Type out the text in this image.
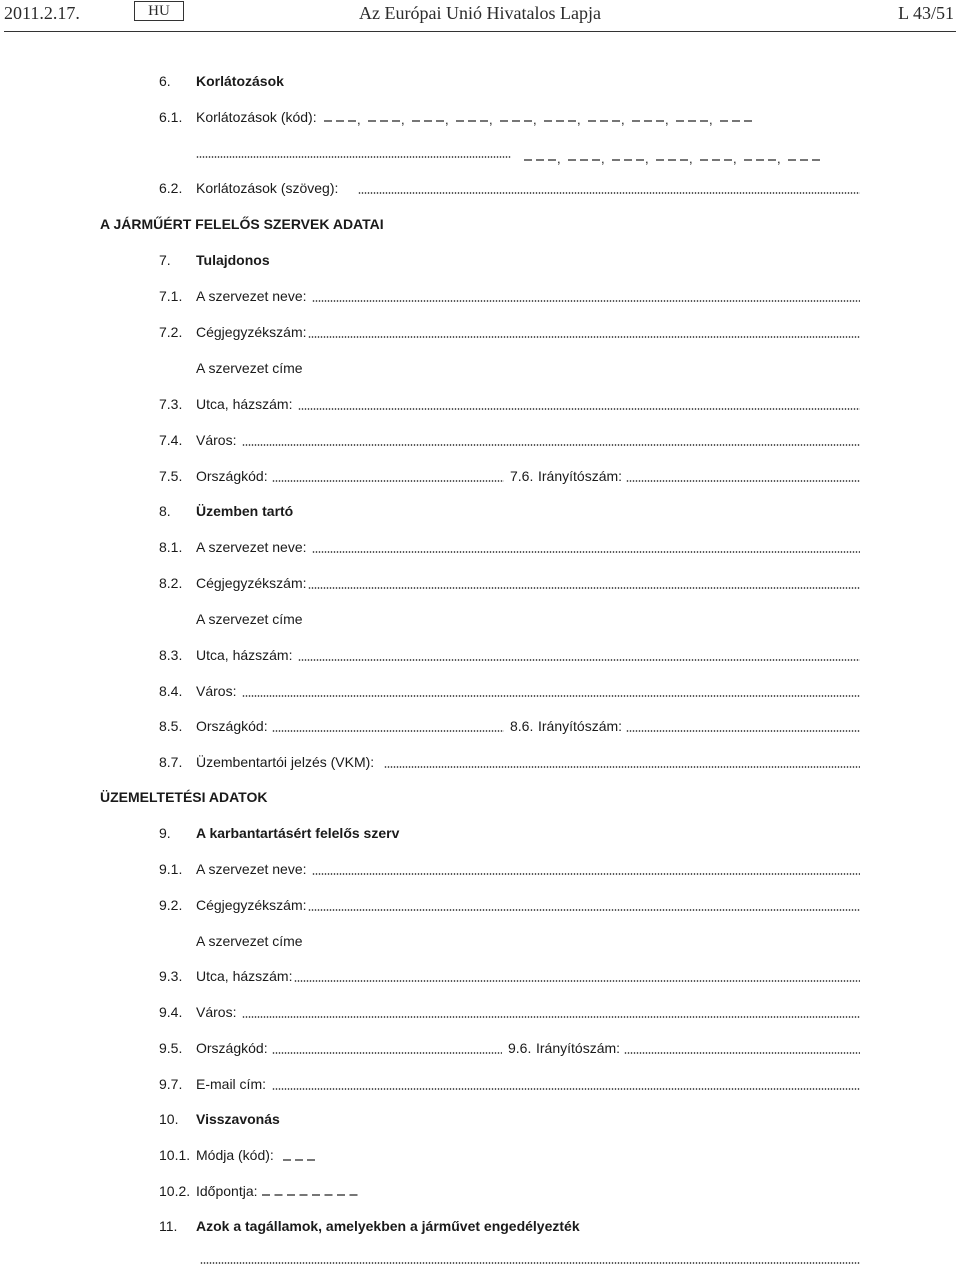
2011.2.17.	HU	Az Európai Unió Hivatalos Lapja	L 43/51
6. Korlátozások
6.1. Korlátozások (kód):	,	,	,	,	,	,	,	,	,
,	,	,	,	,	,
6.2. Korlátozások (szöveg):
A JÁRMŰÉRT FELELŐS SZERVEK ADATAI
7. Tulajdonos
7.1. A szervezet neve:
7.2. Cégjegyzékszám:
A szervezet címe
7.3. Utca, házszám:
7.4. Város:
7.5. Országkód:	7.6. Irányítószám:
8. Üzemben tartó
8.1. A szervezet neve:
8.2. Cégjegyzékszám:
A szervezet címe
8.3. Utca, házszám:
8.4. Város:
8.5. Országkód:	8.6. Irányítószám:
8.7. Üzembentartói jelzés (VKM):
ÜZEMELTETÉSI ADATOK
9. A karbantartásért felelős szerv
9.1. A szervezet neve:
9.2. Cégjegyzékszám:
A szervezet címe
9.3. Utca, házszám:
9.4. Város:
9.5. Országkód:	9.6. Irányítószám:
9.7. E-mail cím:
10. Visszavonás
10.1. Módja (kód):
10.2. Időpontja:
11. Azok a tagállamok, amelyekben a járművet engedélyezték
